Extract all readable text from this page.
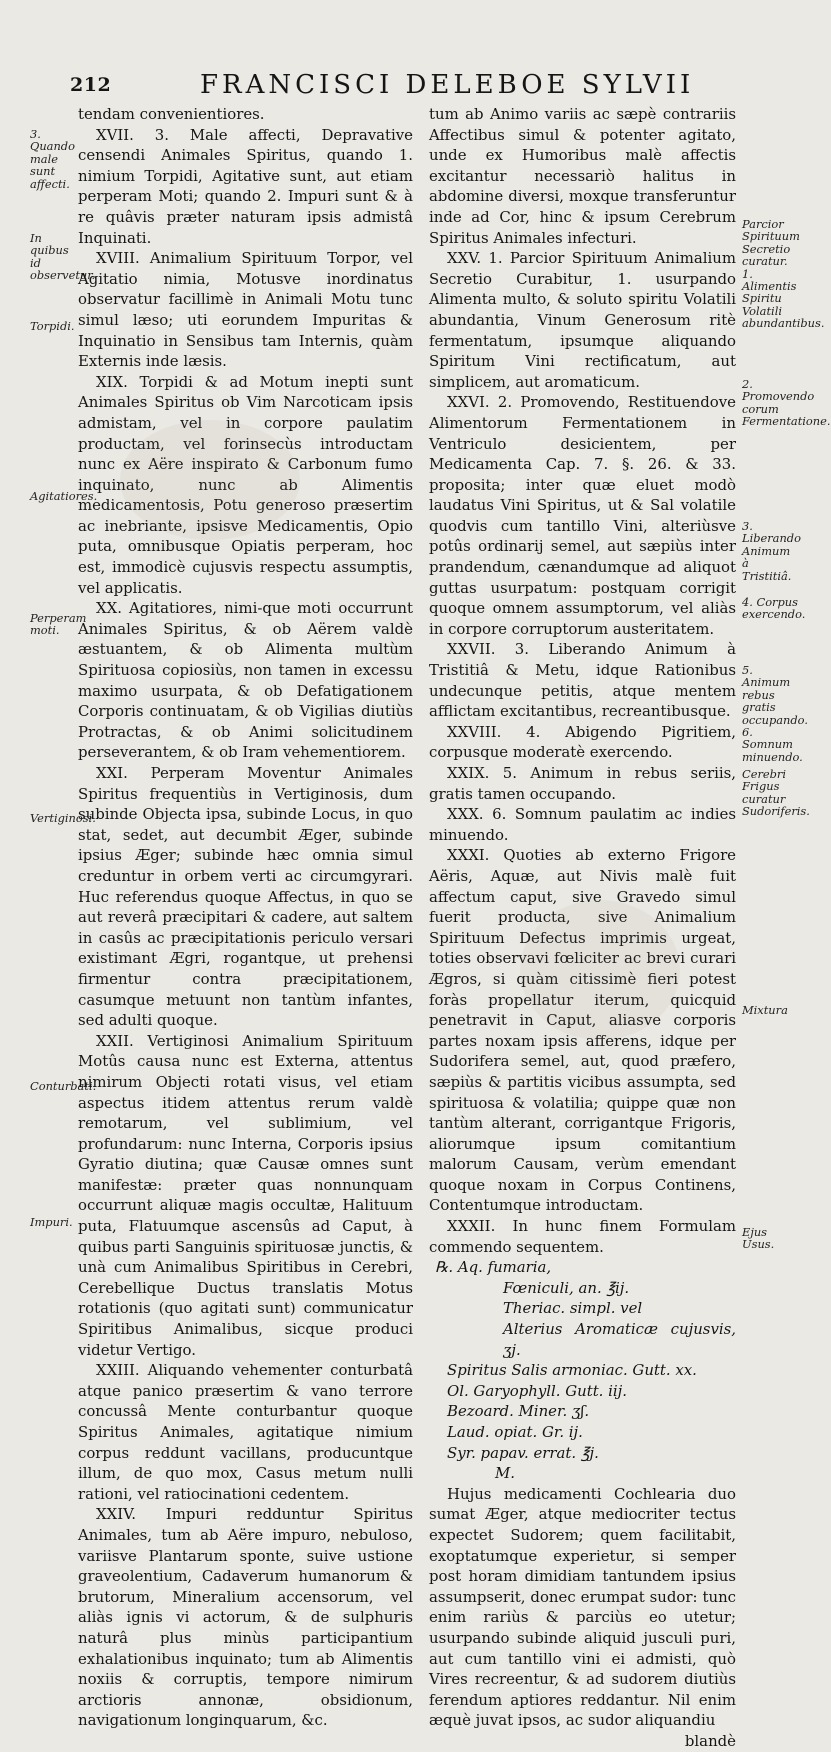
212	FRANCISCI DELEBOE SYLVII
3. Quando male sunt affecti.
In quibus id observetur.
Torpidi.
Agitatiores.
Perperam moti.
Vertiginosi.
Conturbati.
Impuri.

tendam convenientiores.

XVII. 3. Male affecti, Depravative censendi Animales Spiritus, quando 1. nimium Torpidi, Agitative sunt, aut etiam perperam Moti; quando 2. Impuri sunt & à re quâvis præter naturam ipsis admistâ Inquinati.

XVIII. Animalium Spirituum Torpor, vel Agitatio nimia, Motusve inordinatus observatur facillimè in Animali Motu tunc simul læso; uti eorundem Impuritas & Inquinatio in Sensibus tam Internis, quàm Externis inde læsis.

XIX. Torpidi & ad Motum inepti sunt Animales Spiritus ob Vim Narcoticam ipsis admistam, vel in corpore paulatim productam, vel forinsecùs introductam nunc ex Aëre inspirato & Carbonum fumo inquinato, nunc ab Alimentis medicamentosis, Potu generoso præsertim ac inebriante, ipsisve Medicamentis, Opio puta, omnibusque Opiatis perperam, hoc est, immodicè cujusvis respectu assumptis, vel applicatis.

XX. Agitatiores, nimi-que moti occurrunt Animales Spiritus, & ob Aërem valdè æstuantem, & ob Alimenta multùm Spirituosa copiosiùs, non tamen in excessu maximo usurpata, & ob Defatigationem Corporis continuatam, & ob Vigilias diutiùs Protractas, & ob Animi solicitudinem perseverantem, & ob Iram vehementiorem.

XXI. Perperam Moventur Animales Spiritus frequentiùs in Vertiginosis, dum subinde Objecta ipsa, subinde Locus, in quo stat, sedet, aut decumbit Æger, subinde ipsius Æger; subinde hæc omnia simul creduntur in orbem verti ac circumgyrari. Huc referendus quoque Affectus, in quo se aut reverâ præcipitari & cadere, aut saltem in casûs ac præcipitationis periculo versari existimant Ægri, rogantque, ut prehensi firmentur contra præcipitationem, casumque metuunt non tantùm infantes, sed adulti quoque.

XXII. Vertiginosi Animalium Spirituum Motûs causa nunc est Externa, attentus nimirum Objecti rotati visus, vel etiam aspectus itidem attentus rerum valdè remotarum, vel sublimium, vel profundarum: nunc Interna, Corporis ipsius Gyratio diutina; quæ Causæ omnes sunt manifestæ: præter quas nonnunquam occurrunt aliquæ magis occultæ, Halituum puta, Flatuumque ascensûs ad Caput, à quibus parti Sanguinis spirituosæ junctis, & unà cum Animalibus Spiritibus in Cerebri, Cerebellique Ductus translatis Motus rotationis (quo agitati sunt) communicatur Spiritibus Animalibus, sicque produci videtur Vertigo.

XXIII. Aliquando vehementer conturbatâ atque panico præsertim & vano terrore concussâ Mente conturbantur quoque Spiritus Animales, agitatique nimium corpus reddunt vacillans, producuntque illum, de quo mox, Casus metum nulli rationi, vel ratiocinationi cedentem.

XXIV. Impuri redduntur Spiritus Animales, tum ab Aëre impuro, nebuloso, variisve Plantarum sponte, suive ustione graveolentium, Cadaverum humanorum & brutorum, Mineralium accensorum, vel aliàs ignis vi actorum, & de sulphuris naturâ plus minùs participantium exhalationibus inquinato; tum ab Alimentis noxiis & corruptis, tempore nimirum arctioris annonæ, obsidionum, navigationum longinquarum, &c.

tum ab Animo variis ac sæpè contrariis Affectibus simul & potenter agitato, unde ex Humoribus malè affectis excitantur necessariò halitus in abdomine diversi, moxque transferuntur inde ad Cor, hinc & ipsum Cerebrum Spiritus Animales infecturi.

XXV. 1. Parcior Spirituum Animalium Secretio Curabitur, 1. usurpando Alimenta multo, & soluto spiritu Volatili abundantia, Vinum Generosum ritè fermentatum, ipsumque aliquando Spiritum Vini rectificatum, aut simplicem, aut aromaticum.

XXVI. 2. Promovendo, Restituendove Alimentorum Fermentationem in Ventriculo desicientem, per Medicamenta Cap. 7. §. 26. & 33. proposita; inter quæ eluet modò laudatus Vini Spiritus, ut & Sal volatile quodvis cum tantillo Vini, alteriùsve potûs ordinarij semel, aut sæpiùs inter prandendum, cænandumque ad aliquot guttas usurpatum: postquam corrigit quoque omnem assumptorum, vel aliàs in corpore corruptorum austeritatem.

XXVII. 3. Liberando Animum à Tristitiâ & Metu, idque Rationibus undecunque petitis, atque mentem afflictam excitantibus, recreantibusque.

XXVIII. 4. Abigendo Pigritiem, corpusque moderatè exercendo.

XXIX. 5. Animum in rebus seriis, gratis tamen occupando.

XXX. 6. Somnum paulatim ac indies minuendo.

XXXI. Quoties ab externo Frigore Aëris, Aquæ, aut Nivis malè fuit affectum caput, sive Gravedo simul fuerit producta, sive Animalium Spirituum Defectus imprimis urgeat, toties observavi fœliciter ac brevi curari Ægros, si quàm citissimè fieri potest foràs propellatur iterum, quicquid penetravit in Caput, aliasve corporis partes noxam ipsis afferens, idque per Sudorifera semel, aut, quod præfero, sæpiùs & partitis vicibus assumpta, sed spirituosa & volatilia; quippe quæ non tantùm alterant, corrigantque Frigoris, aliorumque ipsum comitantium malorum Causam, verùm emendant quoque noxam in Corpus Continens, Contentumque introductam.

XXXII. In hunc finem Formulam commendo sequentem.

℞. Aq. fumaria,

Fœniculi, an. ℥ij.

Theriac. simpl. vel

Alterius Aromaticæ cujusvis, ʒj.

Spiritus Salis armoniac. Gutt. xx.

Ol. Garyophyll. Gutt. iij.

Bezoard. Miner. ʒʃ.

Laud. opiat. Gr. ij.

Syr. papav. errat. ℥j.

M.

Hujus medicamenti Cochlearia duo sumat Æger, atque mediocriter tectus expectet Sudorem; quem facilitabit, exoptatumque experietur, si semper post horam dimidiam tantundem ipsius assumpserit, donec erumpat sudor: tunc enim rariùs & parciùs eo utetur; usurpando subinde aliquid jusculi puri, aut cum tantillo vini ei admisti, quò Vires recreentur, & ad sudorem diutiùs ferendum aptiores reddantur. Nil enim æquè juvat ipsos, ac sudor aliquandiu

blandè

Parcior Spirituum Secretio curatur. 1. Alimentis Spiritu Volatili abundantibus.
2. Promovendo corum Fermentatione.
3. Liberando Animum à Tristitiâ.
4. Corpus exercendo.
5. Animum rebus gratis occupando. 6. Somnum minuendo.
Cerebri Frigus curatur Sudoriferis.
Mixtura
Ejus Usus.
